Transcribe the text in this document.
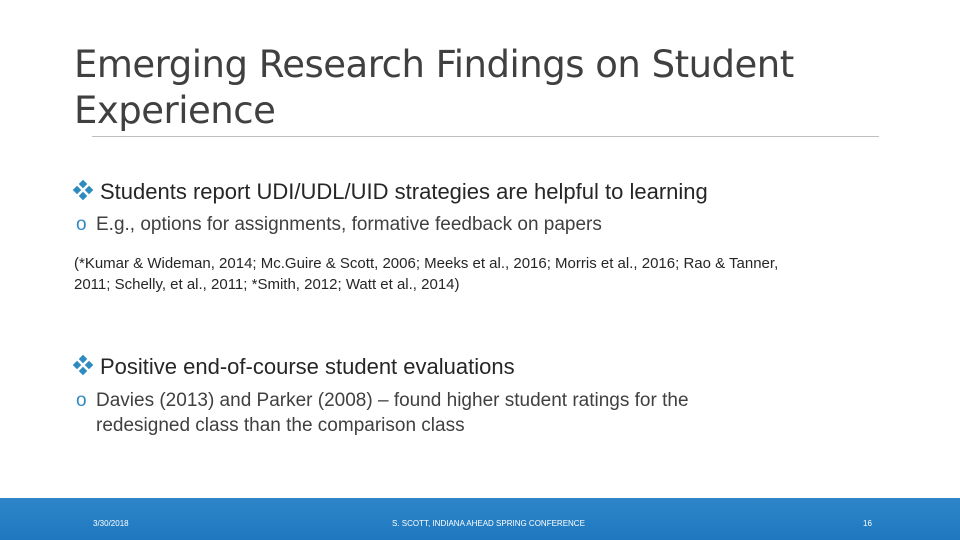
Emerging Research Findings on Student Experience
Students report UDI/UDL/UID strategies are helpful to learning
o E.g., options for assignments, formative feedback on papers
(*Kumar & Wideman, 2014; Mc.Guire & Scott, 2006; Meeks et al., 2016; Morris et al., 2016; Rao & Tanner,
2011; Schelly, et al., 2011; *Smith, 2012; Watt et al., 2014)
Positive end-of-course student evaluations
o Davies (2013) and Parker (2008) – found higher student ratings for the
redesigned class than the comparison class
3/30/2018	S. SCOTT, INDIANA AHEAD SPRING CONFERENCE	16
